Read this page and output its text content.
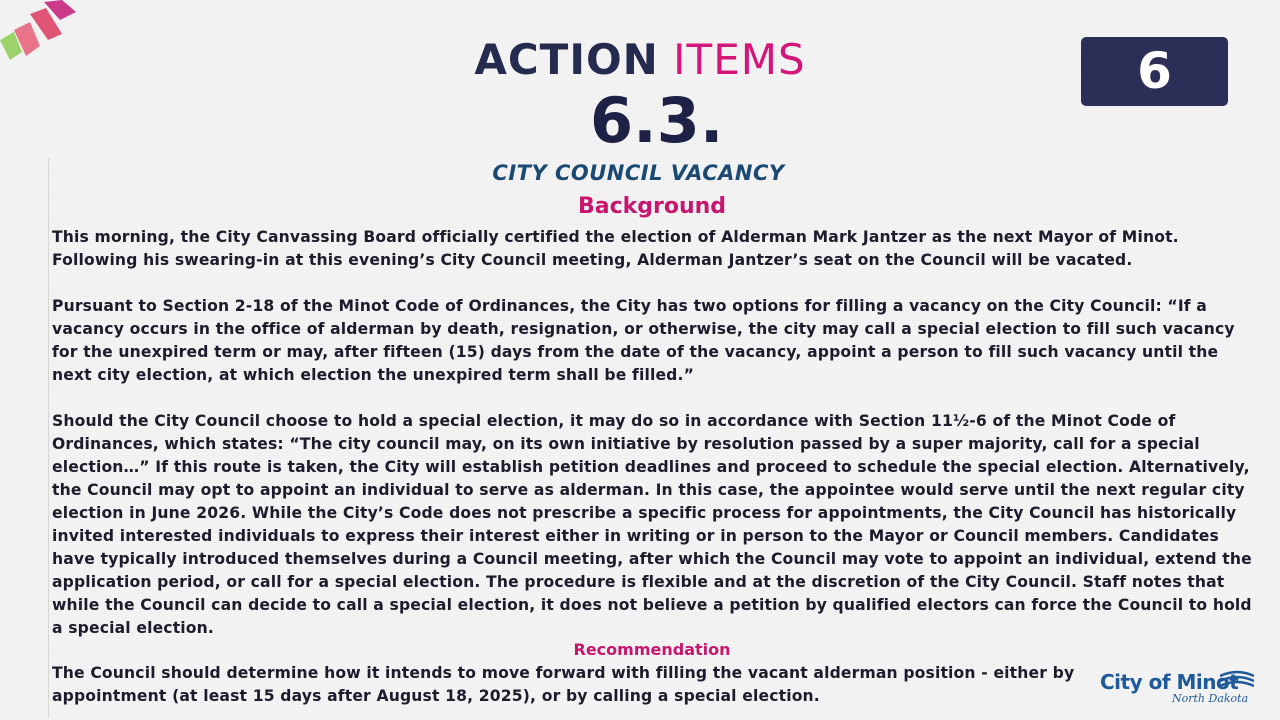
ACTION ITEMS
6.3.
6
CITY COUNCIL VACANCY
Background

This morning, the City Canvassing Board officially certified the election of Alderman Mark Jantzer as the next Mayor of Minot. Following his swearing-in at this evening’s City Council meeting, Alderman Jantzer’s seat on the Council will be vacated.

Pursuant to Section 2-18 of the Minot Code of Ordinances, the City has two options for filling a vacancy on the City Council: “If a vacancy occurs in the office of alderman by death, resignation, or otherwise, the city may call a special election to fill such vacancy for the unexpired term or may, after fifteen (15) days from the date of the vacancy, appoint a person to fill such vacancy until the next city election, at which election the unexpired term shall be filled.”

Should the City Council choose to hold a special election, it may do so in accordance with Section 11½-6 of the Minot Code of Ordinances, which states: “The city council may, on its own initiative by resolution passed by a super majority, call for a special election…” If this route is taken, the City will establish petition deadlines and proceed to schedule the special election. Alternatively, the Council may opt to appoint an individual to serve as alderman. In this case, the appointee would serve until the next regular city election in June 2026. While the City’s Code does not prescribe a specific process for appointments, the City Council has historically invited interested individuals to express their interest either in writing or in person to the Mayor or Council members. Candidates have typically introduced themselves during a Council meeting, after which the Council may vote to appoint an individual, extend the application period, or call for a special election. The procedure is flexible and at the discretion of the City Council. Staff notes that while the Council can decide to call a special election, it does not believe a petition by qualified electors can force the Council to hold a special election.

Recommendation
The Council should determine how it intends to move forward with filling the vacant alderman position - either by appointment (at least 15 days after August 18, 2025), or by calling a special election.
City of Minot
North Dakota
